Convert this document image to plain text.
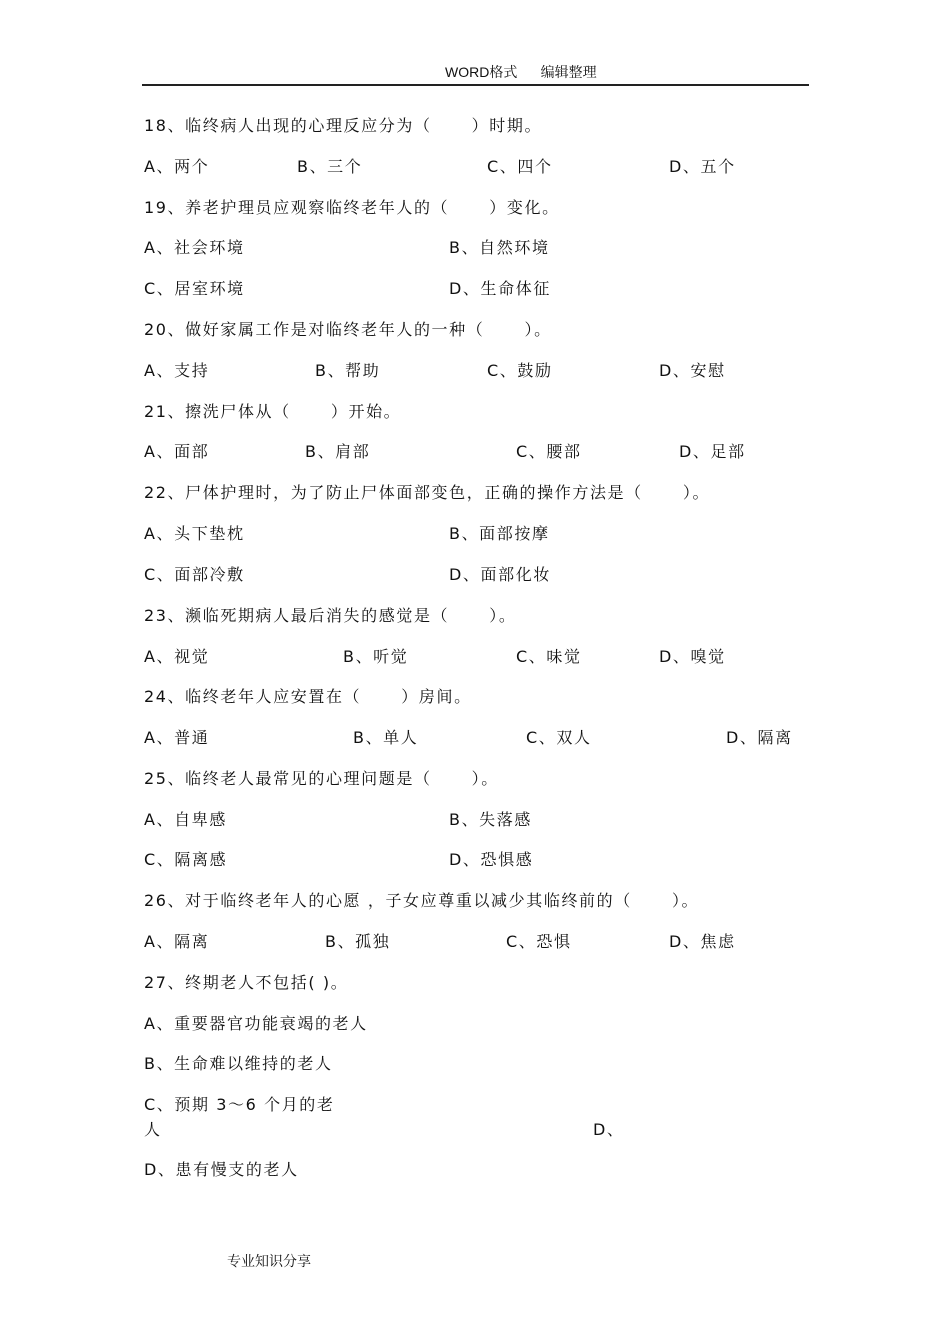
WORD格式      编辑整理
18、临终病人出现的心理反应分为（      ）时期。
A、两个	B、三个	C、四个	D、五个
19、养老护理员应观察临终老年人的（      ）变化。
A、社会环境	B、自然环境
C、居室环境	D、生命体征
20、做好家属工作是对临终老年人的一种（      ）。
A、支持	B、帮助	C、鼓励	D、安慰
21、擦洗尸体从（      ）开始。
A、面部	B、肩部	C、腰部	D、足部
22、尸体护理时，为了防止尸体面部变色，正确的操作方法是（      ）。
A、头下垫枕	B、面部按摩
C、面部冷敷	D、面部化妆
23、濒临死期病人最后消失的感觉是（      ）。
A、视觉	B、听觉	C、味觉	D、嗅觉
24、临终老年人应安置在（      ）房间。
A、普通	B、单人	C、双人	D、隔离
25、临终老人最常见的心理问题是（      ）。
A、自卑感	B、失落感
C、隔离感	D、恐惧感
26、对于临终老年人的心愿 ，子女应尊重以减少其临终前的（      ）。
A、隔离	B、孤独	C、恐惧	D、焦虑
27、终期老人不包括( )。
A、重要器官功能衰竭的老人
B、生命难以维持的老人
C、预期 3～6 个月的老
人	D、
D、患有慢支的老人
专业知识分享
